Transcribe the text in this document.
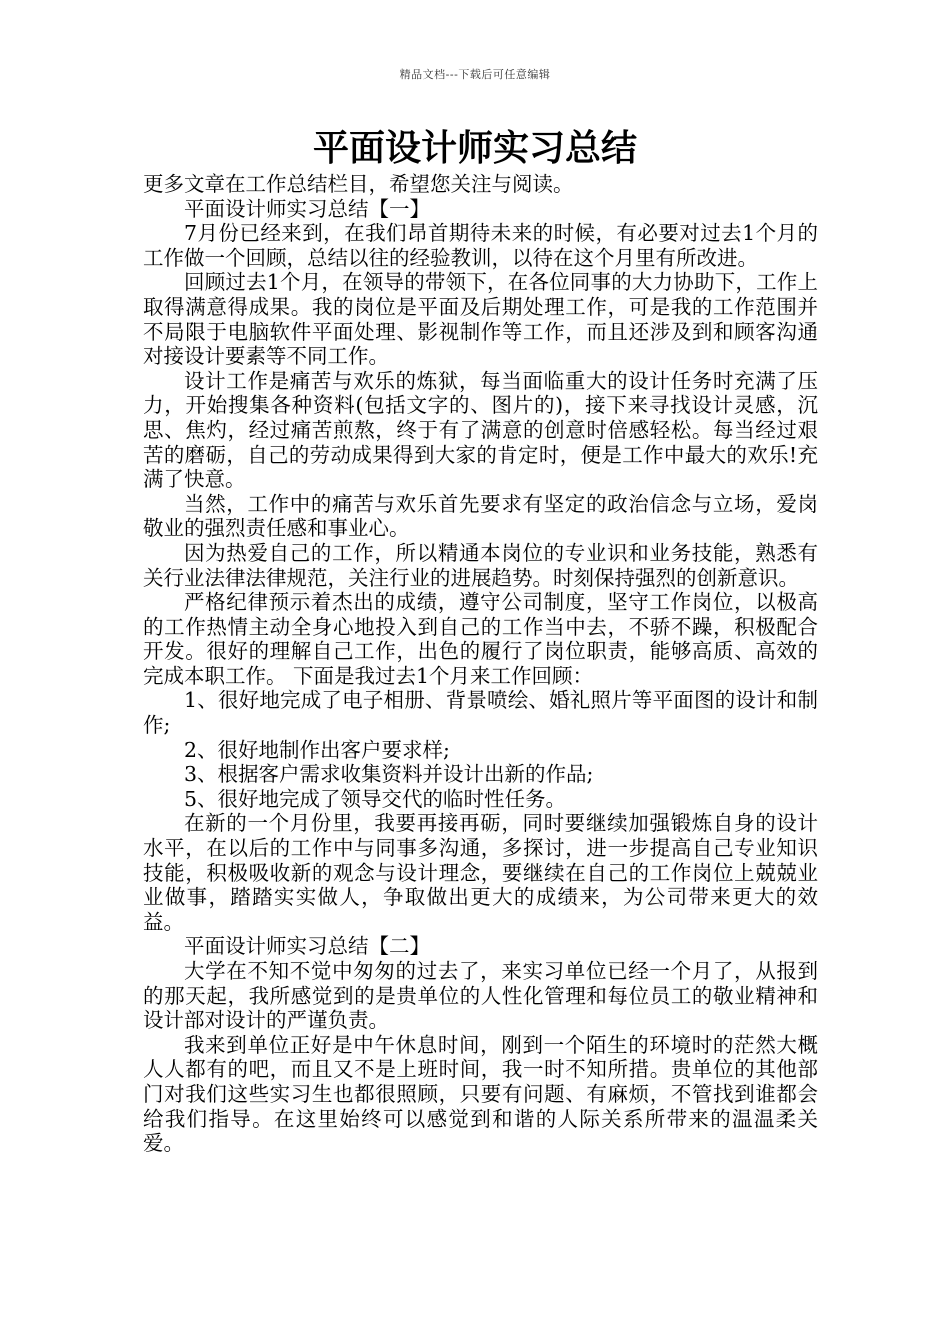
精品文档---下载后可任意编辑
平面设计师实习总结

更多文章在工作总结栏目，希望您关注与阅读。

平面设计师实习总结【一】

7月份已经来到，在我们昂首期待未来的时候，有必要对过去1个月的工作做一个回顾，总结以往的经验教训，以待在这个月里有所改进。

回顾过去1个月，在领导的带领下，在各位同事的大力协助下，工作上取得满意得成果。我的岗位是平面及后期处理工作，可是我的工作范围并不局限于电脑软件平面处理、影视制作等工作，而且还涉及到和顾客沟通对接设计要素等不同工作。

设计工作是痛苦与欢乐的炼狱，每当面临重大的设计任务时充满了压力，开始搜集各种资料(包括文字的、图片的)，接下来寻找设计灵感，沉思、焦灼，经过痛苦煎熬，终于有了满意的创意时倍感轻松。每当经过艰苦的磨砺，自己的劳动成果得到大家的肯定时，便是工作中最大的欢乐!充满了快意。

当然，工作中的痛苦与欢乐首先要求有坚定的政治信念与立场，爱岗敬业的强烈责任感和事业心。

因为热爱自己的工作，所以精通本岗位的专业识和业务技能，熟悉有关行业法律法律规范，关注行业的进展趋势。时刻保持强烈的创新意识。

严格纪律预示着杰出的成绩，遵守公司制度，坚守工作岗位，以极高的工作热情主动全身心地投入到自己的工作当中去，不骄不躁，积极配合开发。很好的理解自己工作，出色的履行了岗位职责，能够高质、高效的完成本职工作。 下面是我过去1个月来工作回顾：

1、很好地完成了电子相册、背景喷绘、婚礼照片等平面图的设计和制作;

2、很好地制作出客户要求样;

3、根据客户需求收集资料并设计出新的作品;

5、很好地完成了领导交代的临时性任务。

在新的一个月份里，我要再接再砺，同时要继续加强锻炼自身的设计水平，在以后的工作中与同事多沟通，多探讨，进一步提高自己专业知识技能，积极吸收新的观念与设计理念，要继续在自己的工作岗位上兢兢业业做事，踏踏实实做人，争取做出更大的成绩来，为公司带来更大的效益。

平面设计师实习总结【二】

大学在不知不觉中匆匆的过去了，来实习单位已经一个月了，从报到的那天起，我所感觉到的是贵单位的人性化管理和每位员工的敬业精神和设计部对设计的严谨负责。

我来到单位正好是中午休息时间，刚到一个陌生的环境时的茫然大概人人都有的吧，而且又不是上班时间，我一时不知所措。贵单位的其他部门对我们这些实习生也都很照顾，只要有问题、有麻烦，不管找到谁都会给我们指导。在这里始终可以感觉到和谐的人际关系所带来的温温柔关爱。
